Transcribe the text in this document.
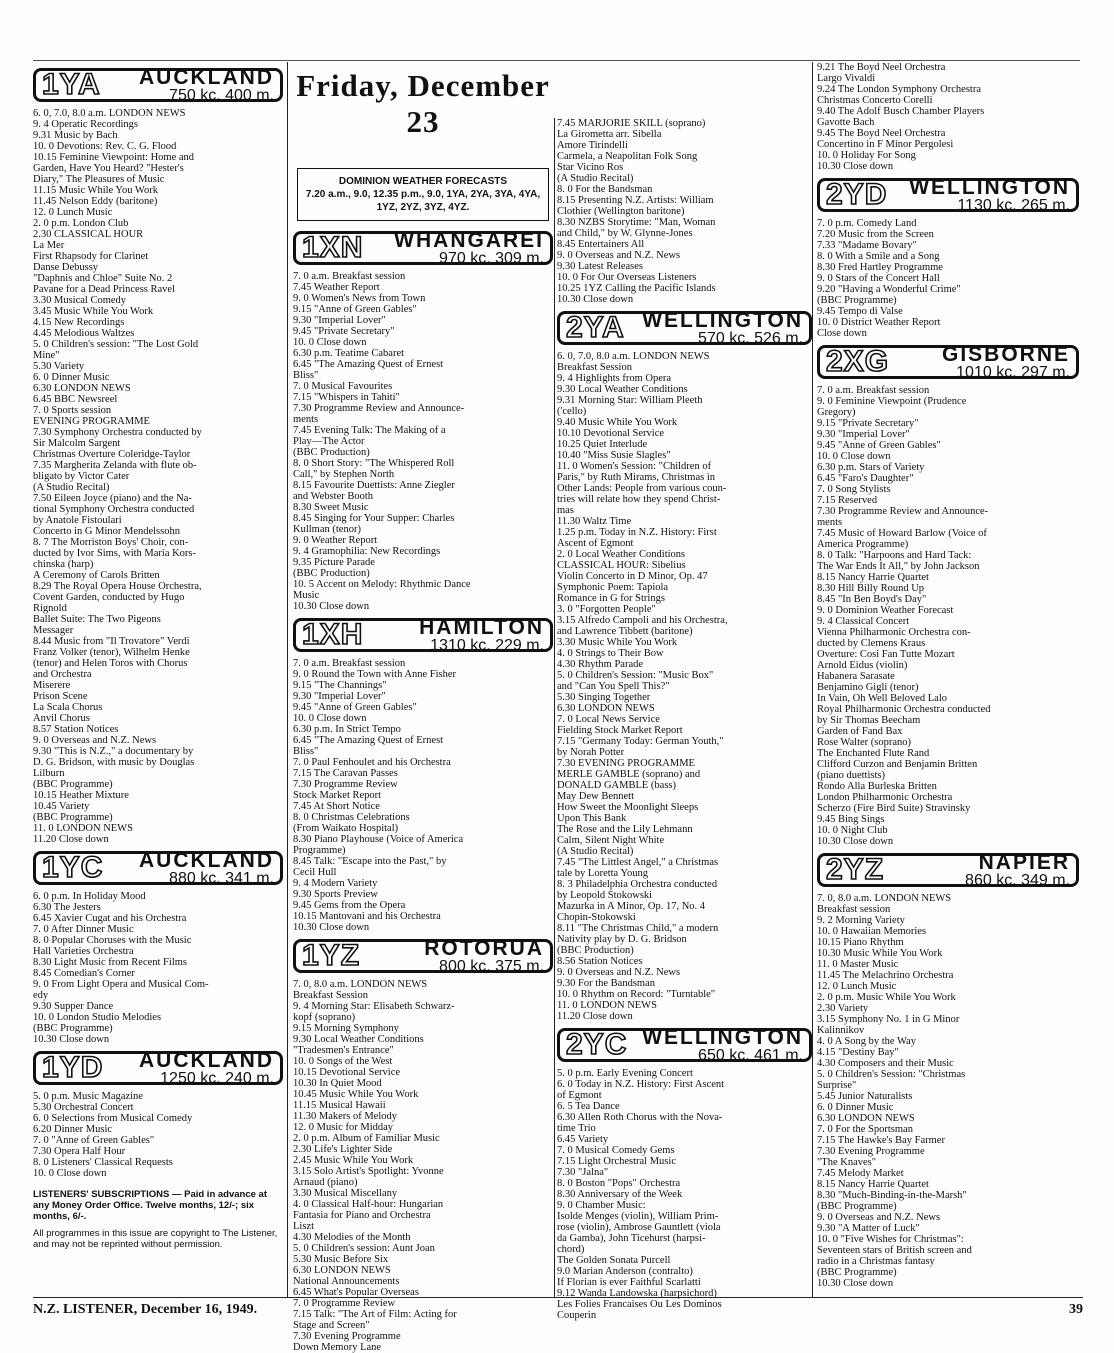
1YA	AUCKLAND
750 kc. 400 m.

6. 0, 7.0, 8.0 a.m. LONDON NEWS

9. 4 Operatic Recordings

9.31 Music by Bach

10. 0 Devotions: Rev. C. G. Flood

10.15 Feminine Viewpoint: Home and

Garden, Have You Heard? "Hester's

Diary," The Pleasures of Music

11.15 Music While You Work

11.45 Nelson Eddy (baritone)

12. 0 Lunch Music

2. 0 p.m. London Club

2.30 CLASSICAL HOUR

La Mer

First Rhapsody for Clarinet

Danse Debussy

"Daphnis and Chloe" Suite No. 2

Pavane for a Dead Princess Ravel

3.30 Musical Comedy

3.45 Music While You Work

4.15 New Recordings

4.45 Melodious Waltzes

5. 0 Children's session: "The Lost Gold

Mine"

5.30 Variety

6. 0 Dinner Music

6.30 LONDON NEWS

6.45 BBC Newsreel

7. 0 Sports session

EVENING PROGRAMME

7.30 Symphony Orchestra conducted by

Sir Malcolm Sargent

Christmas Overture Coleridge-Taylor

7.35 Margherita Zelanda with flute ob-

bligato by Victor Cater

(A Studio Recital)

7.50 Eileen Joyce (piano) and the Na-

tional Symphony Orchestra conducted

by Anatole Fistoulari

Concerto in G Minor Mendelssohn

8. 7 The Morriston Boys' Choir, con-

ducted by Ivor Sims, with Maria Kors-

chinska (harp)

A Ceremony of Carols Britten

8.29 The Royal Opera House Orchestra,

Covent Garden, conducted by Hugo

Rignold

Ballet Suite: The Two Pigeons

Messager

8.44 Music from "Il Trovatore" Verdi

Franz Volker (tenor), Wilhelm Henke

(tenor) and Helen Toros with Chorus

and Orchestra

Miserere

Prison Scene

La Scala Chorus

Anvil Chorus

8.57 Station Notices

9. 0 Overseas and N.Z. News

9.30 "This is N.Z.," a documentary by

D. G. Bridson, with music by Douglas

Lilburn

(BBC Programme)

10.15 Heather Mixture

10.45 Variety

(BBC Programme)

11. 0 LONDON NEWS

11.20 Close down

1YC	AUCKLAND
880 kc. 341 m.

6. 0 p.m. In Holiday Mood

6.30 The Jesters

6.45 Xavier Cugat and his Orchestra

7. 0 After Dinner Music

8. 0 Popular Choruses with the Music

Hall Varieties Orchestra

8.30 Light Music from Recent Films

8.45 Comedian's Corner

9. 0 From Light Opera and Musical Com-

edy

9.30 Supper Dance

10. 0 London Studio Melodies

(BBC Programme)

10.30 Close down

1YD	AUCKLAND
1250 kc. 240 m.

5. 0 p.m. Music Magazine

5.30 Orchestral Concert

6. 0 Selections from Musical Comedy

6.20 Dinner Music

7. 0 "Anne of Green Gables"

7.30 Opera Half Hour

8. 0 Listeners' Classical Requests

10. 0 Close down

LISTENERS' SUBSCRIPTIONS — Paid in advance at any Money Order Office. Twelve months, 12/-; six months, 6/-.
All programmes in this issue are copyright to The Listener, and may not be reprinted without permission.
Friday, December 23
DOMINION WEATHER FORECASTS
7.20 a.m., 9.0, 12.35 p.m., 9.0, 1YA, 2YA, 3YA, 4YA, 1YZ, 2YZ, 3YZ, 4YZ.
1XN	WHANGAREI
970 kc. 309 m.

7. 0 a.m. Breakfast session

7.45 Weather Report

9. 0 Women's News from Town

9.15 "Anne of Green Gables"

9.30 "Imperial Lover"

9.45 "Private Secretary"

10. 0 Close down

6.30 p.m. Teatime Cabaret

6.45 "The Amazing Quest of Ernest

Bliss"

7. 0 Musical Favourites

7.15 "Whispers in Tahiti"

7.30 Programme Review and Announce-

ments

7.45 Evening Talk: The Making of a

Play—The Actor

(BBC Production)

8. 0 Short Story: "The Whispered Roll

Call," by Stephen North

8.15 Favourite Duettists: Anne Ziegler

and Webster Booth

8.30 Sweet Music

8.45 Singing for Your Supper: Charles

Kullman (tenor)

9. 0 Weather Report

9. 4 Gramophilia: New Recordings

9.35 Picture Parade

(BBC Production)

10. 5 Accent on Melody: Rhythmic Dance

Music

10.30 Close down

1XH	HAMILTON
1310 kc. 229 m.

7. 0 a.m. Breakfast session

9. 0 Round the Town with Anne Fisher

9.15 "The Channings"

9.30 "Imperial Lover"

9.45 "Anne of Green Gables"

10. 0 Close down

6.30 p.m. In Strict Tempo

6.45 "The Amazing Quest of Ernest

Bliss"

7. 0 Paul Fenhoulet and his Orchestra

7.15 The Caravan Passes

7.30 Programme Review

Stock Market Report

7.45 At Short Notice

8. 0 Christmas Celebrations

(From Waikato Hospital)

8.30 Piano Playhouse (Voice of America

Programme)

8.45 Talk: "Escape into the Past," by

Cecil Hull

9. 4 Modern Variety

9.30 Sports Preview

9.45 Gems from the Opera

10.15 Mantovani and his Orchestra

10.30 Close down

1YZ	ROTORUA
800 kc. 375 m.

7. 0, 8.0 a.m. LONDON NEWS

Breakfast Session

9. 4 Morning Star: Elisabeth Schwarz-

kopf (soprano)

9.15 Morning Symphony

9.30 Local Weather Conditions

"Tradesmen's Entrance"

10. 0 Songs of the West

10.15 Devotional Service

10.30 In Quiet Mood

10.45 Music While You Work

11.15 Musical Hawaii

11.30 Makers of Melody

12. 0 Music for Midday

2. 0 p.m. Album of Familiar Music

2.30 Life's Lighter Side

2.45 Music While You Work

3.15 Solo Artist's Spotlight: Yvonne

Arnaud (piano)

3.30 Musical Miscellany

4. 0 Classical Half-hour: Hungarian

Fantasia for Piano and Orchestra

Liszt

4.30 Melodies of the Month

5. 0 Children's session: Aunt Joan

5.30 Music Before Six

6.30 LONDON NEWS

National Announcements

6.45 What's Popular Overseas

7. 0 Programme Review

7.15 Talk: "The Art of Film: Acting for

Stage and Screen"

7.30 Evening Programme

Down Memory Lane

7.45 MARJORIE SKILL (soprano)

La Girometta arr. Sibella

Amore Tirindelli

Carmela, a Neapolitan Folk Song

Star Vicino Ros

(A Studio Recital)

8. 0 For the Bandsman

8.15 Presenting N.Z. Artists: William

Clothier (Wellington baritone)

8.30 NZBS Storytime: "Man, Woman

and Child," by W. Glynne-Jones

8.45 Entertainers All

9. 0 Overseas and N.Z. News

9.30 Latest Releases

10. 0 For Our Overseas Listeners

10.25 1YZ Calling the Pacific Islands

10.30 Close down

2YA WELLINGTON
570 kc. 526 m.

6. 0, 7.0, 8.0 a.m. LONDON NEWS

Breakfast Session

9. 4 Highlights from Opera

9.30 Local Weather Conditions

9.31 Morning Star: William Pleeth

('cello)

9.40 Music While You Work

10.10 Devotional Service

10.25 Quiet Interlude

10.40 "Miss Susie Slagles"

11. 0 Women's Session: "Children of

Paris," by Ruth Mirams, Christmas in

Other Lands: People from various coun-

tries will relate how they spend Christ-

mas

11.30 Waltz Time

1.25 p.m. Today in N.Z. History: First

Ascent of Egmont

2. 0 Local Weather Conditions

CLASSICAL HOUR: Sibelius

Violin Concerto in D Minor, Op. 47

Symphonic Poem: Tapiola

Romance in G for Strings

3. 0 "Forgotten People"

3.15 Alfredo Campoli and his Orchestra,

and Lawrence Tibbett (baritone)

3.30 Music While You Work

4. 0 Strings to Their Bow

4.30 Rhythm Parade

5. 0 Children's Session: "Music Box"

and "Can You Spell This?"

5.30 Singing Together

6.30 LONDON NEWS

7. 0 Local News Service

Fielding Stock Market Report

7.15 "Germany Today: German Youth,"

by Norah Potter

7.30 EVENING PROGRAMME

MERLE GAMBLE (soprano) and

DONALD GAMBLE (bass)

May Dew Bennett

How Sweet the Moonlight Sleeps

Upon This Bank

The Rose and the Lily Lehmann

Calm, Silent Night White

(A Studio Recital)

7.45 "The Littlest Angel," a Christmas

tale by Loretta Young

8. 3 Philadelphia Orchestra conducted

by Leopold Stokowski

Mazurka in A Minor, Op. 17, No. 4

Chopin-Stokowski

8.11 "The Christmas Child," a modern

Nativity play by D. G. Bridson

(BBC Production)

8.56 Station Notices

9. 0 Overseas and N.Z. News

9.30 For the Bandsman

10. 0 Rhythm on Record: "Turntable"

11. 0 LONDON NEWS

11.20 Close down

2YC WELLINGTON
650 kc. 461 m.

5. 0 p.m. Early Evening Concert

6. 0 Today in N.Z. History: First Ascent

of Egmont

6. 5 Tea Dance

6.30 Allen Roth Chorus with the Nova-

time Trio

6.45 Variety

7. 0 Musical Comedy Gems

7.15 Light Orchestral Music

7.30 "Jalna"

8. 0 Boston "Pops" Orchestra

8.30 Anniversary of the Week

9. 0 Chamber Music:

Isolde Menges (violin), William Prim-

rose (violin), Ambrose Gauntlett (viola

da Gamba), John Ticehurst (harpsi-

chord)

The Golden Sonata Purcell

9.0 Marian Anderson (contralto)

If Florian is ever Faithful Scarlatti

9.12 Wanda Landowska (harpsichord)

Les Folies Francaises Ou Les Dominos

Couperin

9.21 The Boyd Neel Orchestra

Largo Vivaldi

9.24 The London Symphony Orchestra

Christmas Concerto Corelli

9.40 The Adolf Busch Chamber Players

Gavotte Bach

9.45 The Boyd Neel Orchestra

Concertino in F Minor Pergolesi

10. 0 Holiday For Song

10.30 Close down

2YD	WELLINGTON
1130 kc. 265 m.

7. 0 p.m. Comedy Land

7.20 Music from the Screen

7.33 "Madame Bovary"

8. 0 With a Smile and a Song

8.30 Fred Hartley Programme

9. 0 Stars of the Concert Hall

9.20 "Having a Wonderful Crime"

(BBC Programme)

9.45 Tempo di Valse

10. 0 District Weather Report

Close down

2XG	GISBORNE
1010 kc. 297 m.

7. 0 a.m. Breakfast session

9. 0 Feminine Viewpoint (Prudence

Gregory)

9.15 "Private Secretary"

9.30 "Imperial Lover"

9.45 "Anne of Green Gables"

10. 0 Close down

6.30 p.m. Stars of Variety

6.45 "Faro's Daughter"

7. 0 Song Stylists

7.15 Reserved

7.30 Programme Review and Announce-

ments

7.45 Music of Howard Barlow (Voice of

America Programme)

8. 0 Talk: "Harpoons and Hard Tack:

The War Ends It All," by John Jackson

8.15 Nancy Harrie Quartet

8.30 Hill Billy Round Up

8.45 "In Ben Boyd's Day"

9. 0 Dominion Weather Forecast

9. 4 Classical Concert

Vienna Philharmonic Orchestra con-

ducted by Clemens Kraus

Overture: Cosi Fan Tutte Mozart

Arnold Eidus (violin)

Habanera Sarasate

Benjamino Gigli (tenor)

In Vain, Oh Well Beloved Lalo

Royal Philharmonic Orchestra conducted

by Sir Thomas Beecham

Garden of Fand Bax

Rose Walter (soprano)

The Enchanted Flute Rand

Clifford Curzon and Benjamin Britten

(piano duettists)

Rondo Alla Burleska Britten

London Philharmonic Orchestra

Scherzo (Fire Bird Suite) Stravinsky

9.45 Bing Sings

10. 0 Night Club

10.30 Close down

2YZ	NAPIER
860 kc. 349 m.

7. 0, 8.0 a.m. LONDON NEWS

Breakfast session

9. 2 Morning Variety

10. 0 Hawaiian Memories

10.15 Piano Rhythm

10.30 Music While You Work

11. 0 Master Music

11.45 The Melachrino Orchestra

12. 0 Lunch Music

2. 0 p.m. Music While You Work

2.30 Variety

3.15 Symphony No. 1 in G Minor

Kalinnikov

4. 0 A Song by the Way

4.15 "Destiny Bay"

4.30 Composers and their Music

5. 0 Children's Session: "Christmas

Surprise"

5.45 Junior Naturalists

6. 0 Dinner Music

6.30 LONDON NEWS

7. 0 For the Sportsman

7.15 The Hawke's Bay Farmer

7.30 Evening Programme

"The Knaves"

7.45 Melody Market

8.15 Nancy Harrie Quartet

8.30 "Much-Binding-in-the-Marsh"

(BBC Programme)

9. 0 Overseas and N.Z. News

9.30 "A Matter of Luck"

10. 0 "Five Wishes for Christmas":

Seventeen stars of British screen and

radio in a Christmas fantasy

(BBC Programme)

10.30 Close down

N.Z. LISTENER, December 16, 1949.	39
